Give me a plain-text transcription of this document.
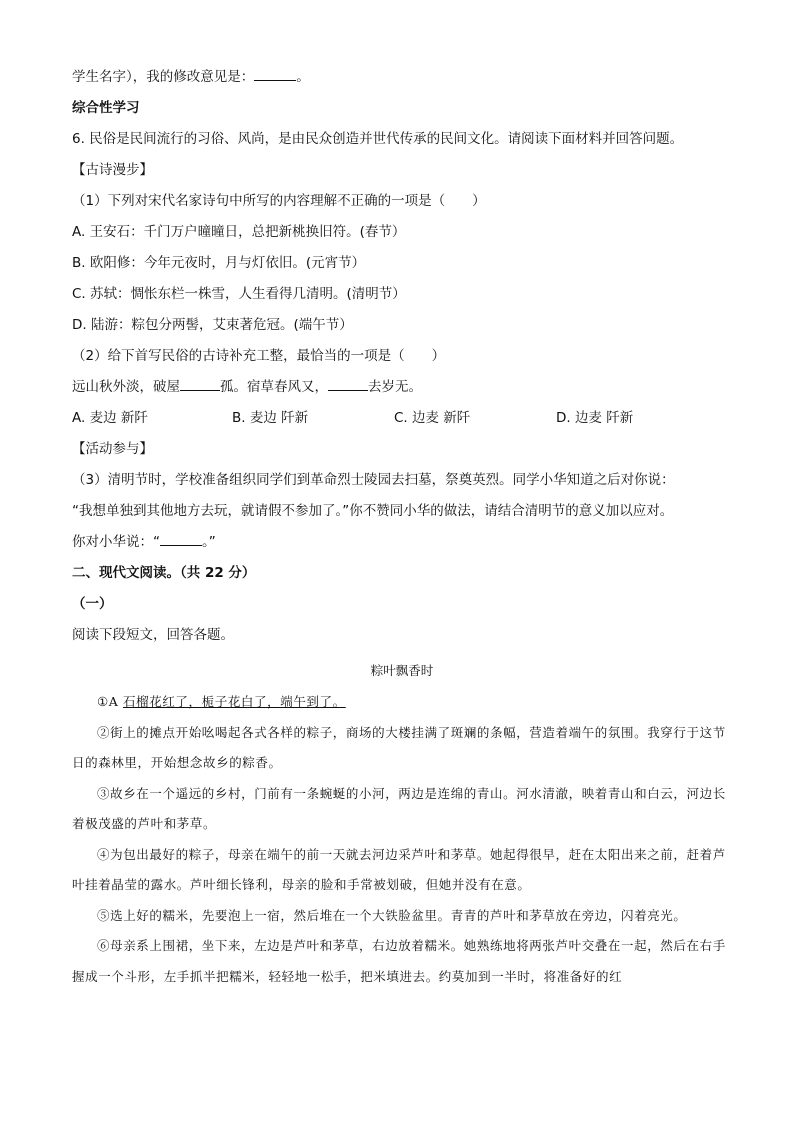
学生名字），我的修改意见是：	。
综合性学习
6. 民俗是民间流行的习俗、风尚，是由民众创造并世代传承的民间文化。请阅读下面材料并回答问题。
【古诗漫步】
（1）下列对宋代名家诗句中所写的内容理解不正确的一项是（　　）
A. 王安石：千门万户曈曈日，总把新桃换旧符。(春节）
B. 欧阳修：今年元夜时，月与灯依旧。(元宵节）
C. 苏轼：惆怅东栏一株雪，人生看得几清明。(清明节）
D. 陆游：粽包分两髻，艾束著危冠。(端午节）
（2）给下首写民俗的古诗补充工整，最恰当的一项是（　　）
远山秋外淡，破屋	孤。宿草春风又，	去岁无。
A. 麦边 新阡	B. 麦边 阡新	C. 边麦 新阡	D. 边麦 阡新
【活动参与】
（3）清明节时，学校准备组织同学们到革命烈士陵园去扫墓，祭奠英烈。同学小华知道之后对你说：
“我想单独到其他地方去玩，就请假不参加了。”你不赞同小华的做法，请结合清明节的意义加以应对。
你对小华说：“	。”
二、现代文阅读。（共 22 分）
（一）
阅读下段短文，回答各题。
粽叶飘香时

①A 石榴花红了，栀子花白了，端午到了。

②街上的摊点开始吆喝起各式各样的粽子，商场的大楼挂满了斑斓的条幅，营造着端午的氛围。我穿行于这节日的森林里，开始想念故乡的粽香。

③故乡在一个遥远的乡村，门前有一条蜿蜒的小河，两边是连绵的青山。河水清澈，映着青山和白云，河边长着极茂盛的芦叶和茅草。

④为包出最好的粽子，母亲在端午的前一天就去河边采芦叶和茅草。她起得很早，赶在太阳出来之前，赶着芦叶挂着晶莹的露水。芦叶细长锋利，母亲的脸和手常被划破，但她并没有在意。

⑤选上好的糯米，先要泡上一宿，然后堆在一个大铁脸盆里。青青的芦叶和茅草放在旁边，闪着亮光。

⑥母亲系上围裙，坐下来，左边是芦叶和茅草，右边放着糯米。她熟练地将两张芦叶交叠在一起，然后在右手握成一个斗形，左手抓半把糯米，轻轻地一松手，把米填进去。约莫加到一半时，将准备好的红
